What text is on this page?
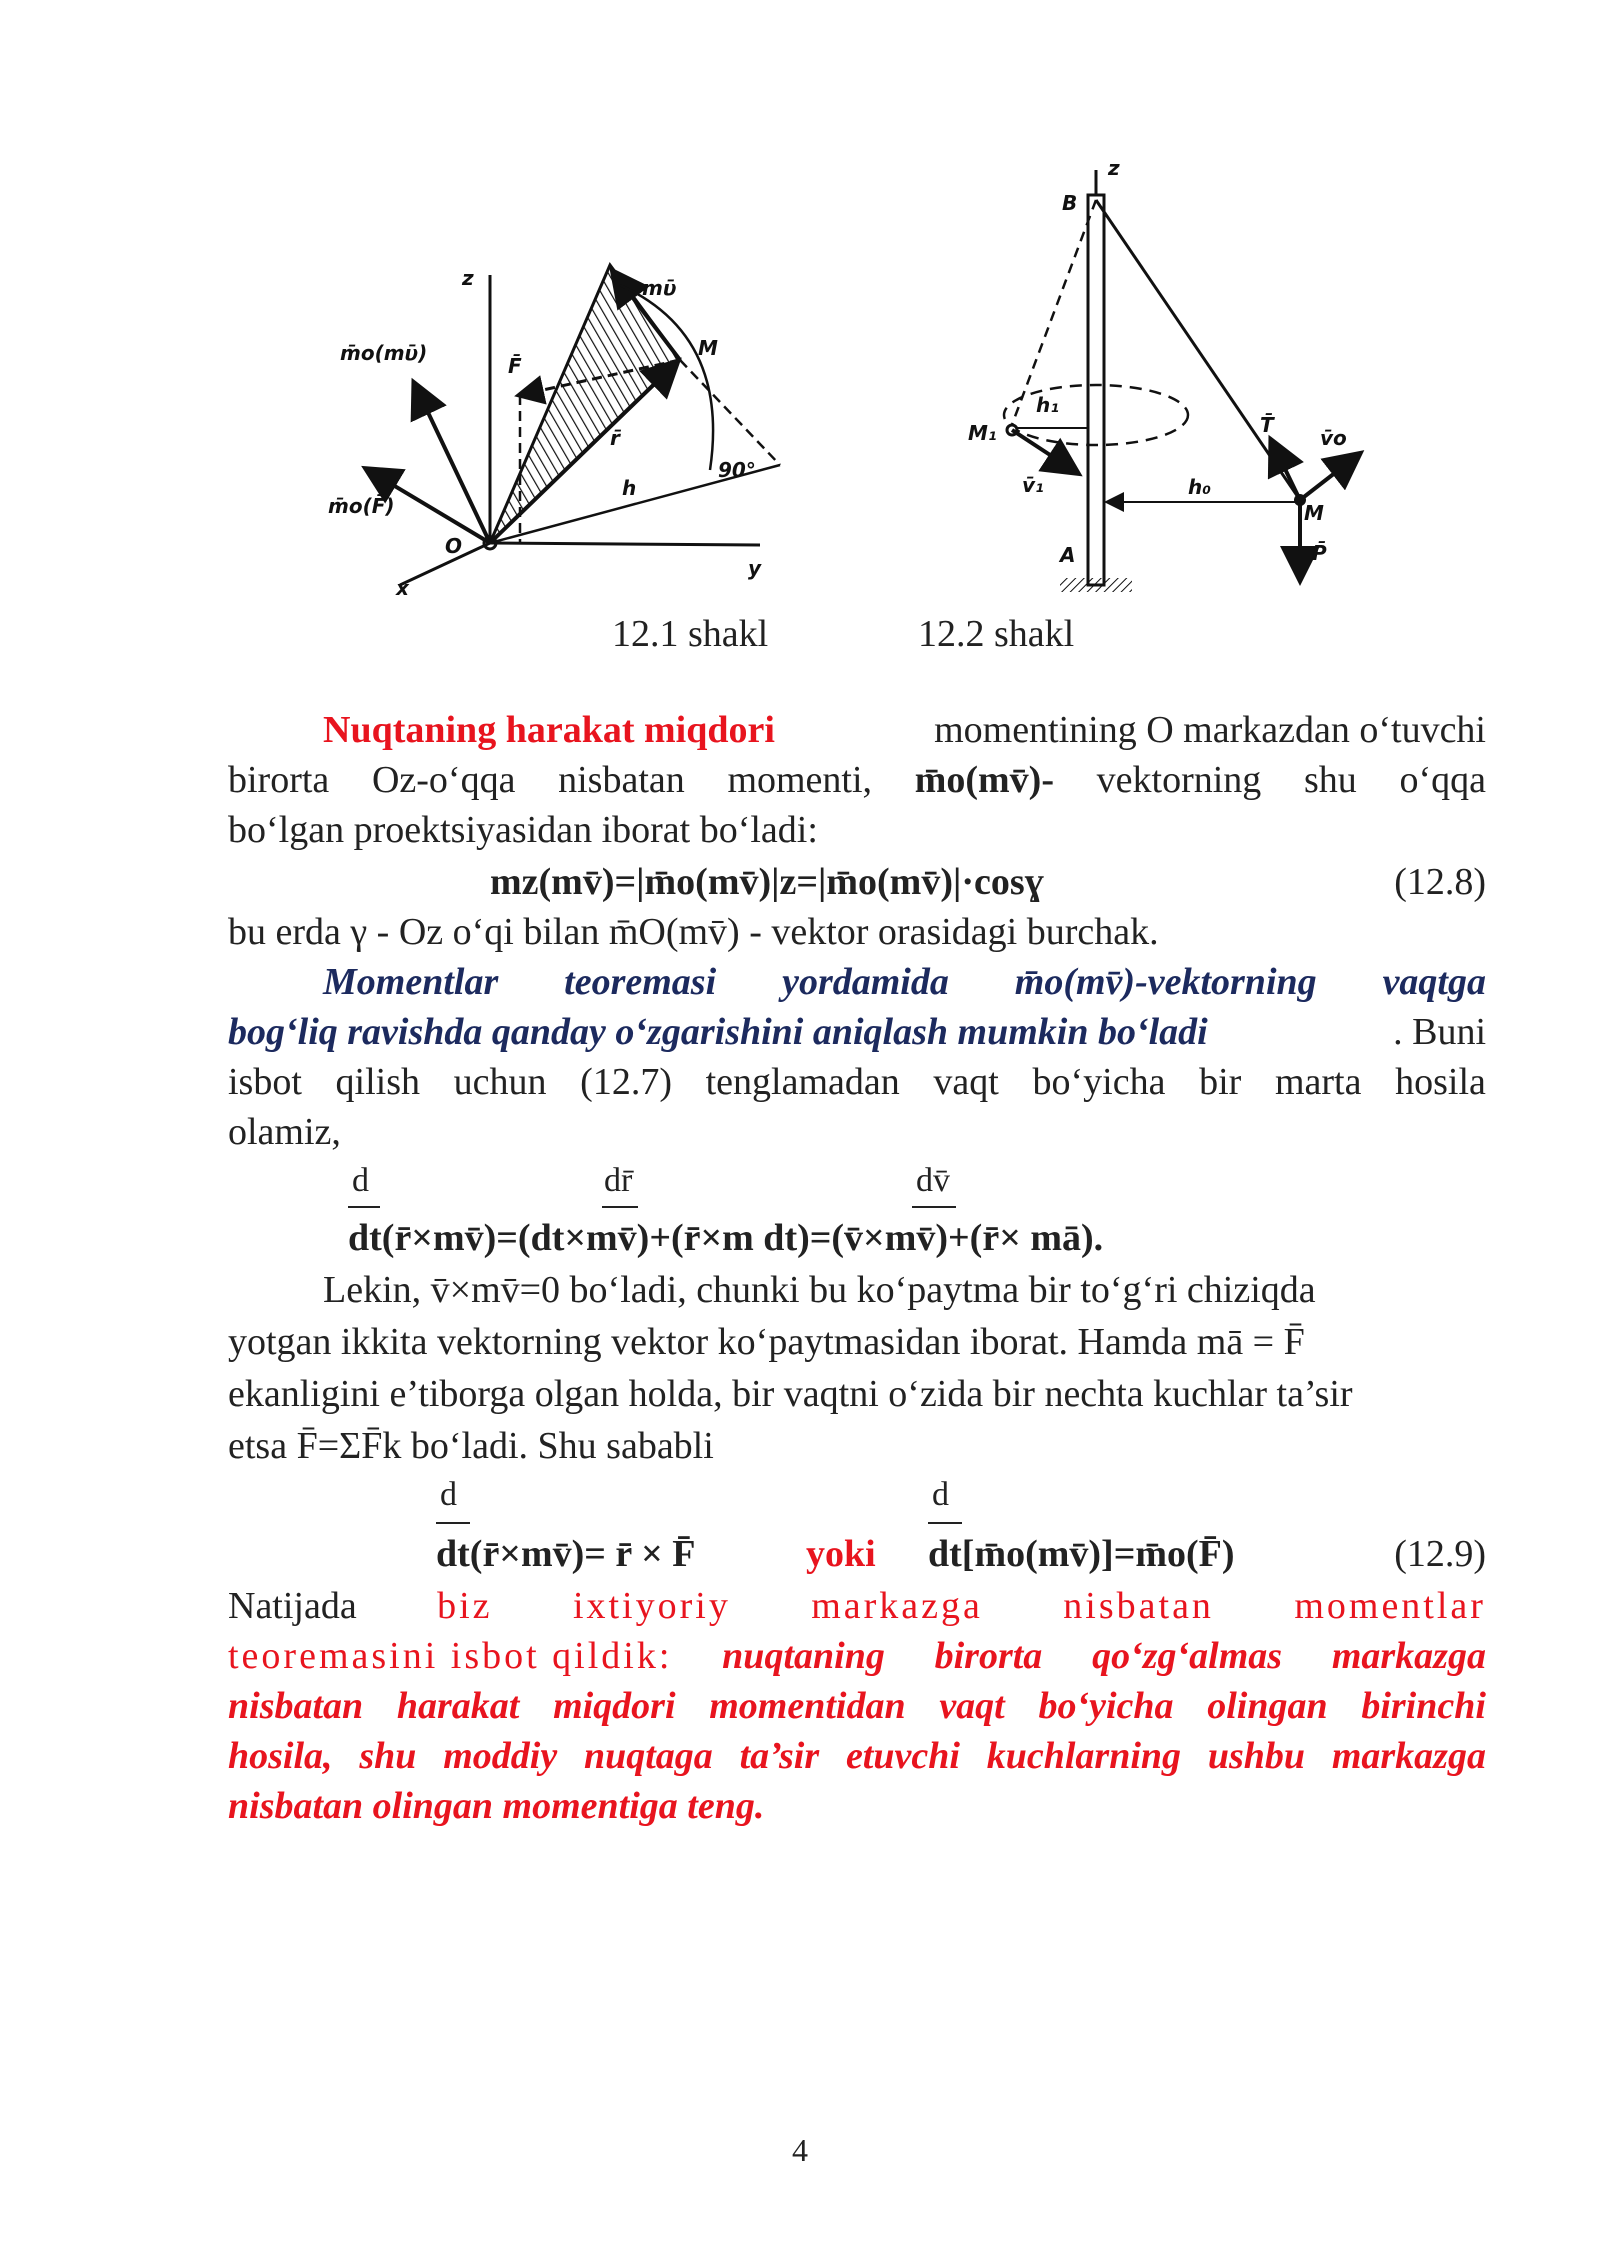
z	mῡ
m̄o(mῡ)
F̄
M
r̄
90°
h
m̄o(F̄)
O
y
x
12.1 shakl
z
B
h₁
M₁	T̄
v̄o
v̄₁	h₀
M
A	P̄
12.2 shakl
Nuqtaning harakat miqdori	momentining O markazdan o‘tuvchi
birorta Oz-o‘qqa nisbatan momenti, m̄o(mv̄)- vektorning shu o‘qqa
bo‘lgan proektsiyasidan iborat bo‘ladi:
mz(mv̄)=|m̄o(mv̄)|z=|m̄o(mv̄)|·cosɣ	(12.8)
bu erda γ - Oz o‘qi bilan m̄O(mv̄) - vektor orasidagi burchak.
Momentlar teoremasi yordamida m̄o(mv̄)-vektorning vaqtga
bog‘liq ravishda qanday o‘zgarishini aniqlash mumkin bo‘ladi	. Buni
isbot qilish uchun (12.7) tenglamadan vaqt bo‘yicha bir marta hosila
olamiz,
d	dr̄	dv̄
dt(r̄×mv̄)=(dt×mv̄)+(r̄×m dt)=(v̄×mv̄)+(r̄× mā).
Lekin, v̄×mv̄=0 bo‘ladi, chunki bu ko‘paytma bir to‘g‘ri chiziqda
yotgan ikkita vektorning vektor ko‘paytmasidan iborat. Hamda mā = F̄
ekanligini e’tiborga olgan holda, bir vaqtni o‘zida bir nechta kuchlar ta’sir
etsa F̄=ΣF̄k bo‘ladi. Shu sababli
d	d
dt(r̄×mv̄)= r̄ × F̄	yoki dt[m̄o(mv̄)]=m̄o(F̄)	(12.9)
Natijada biz ixtiyoriy markazga nisbatan momentlar
teoremasini isbot qildik: nuqtaning birorta qo‘zg‘almas markazga
nisbatan harakat miqdori momentidan vaqt bo‘yicha olingan birinchi
hosila, shu moddiy nuqtaga ta’sir etuvchi kuchlarning ushbu markazga
nisbatan olingan momentiga teng.
4
